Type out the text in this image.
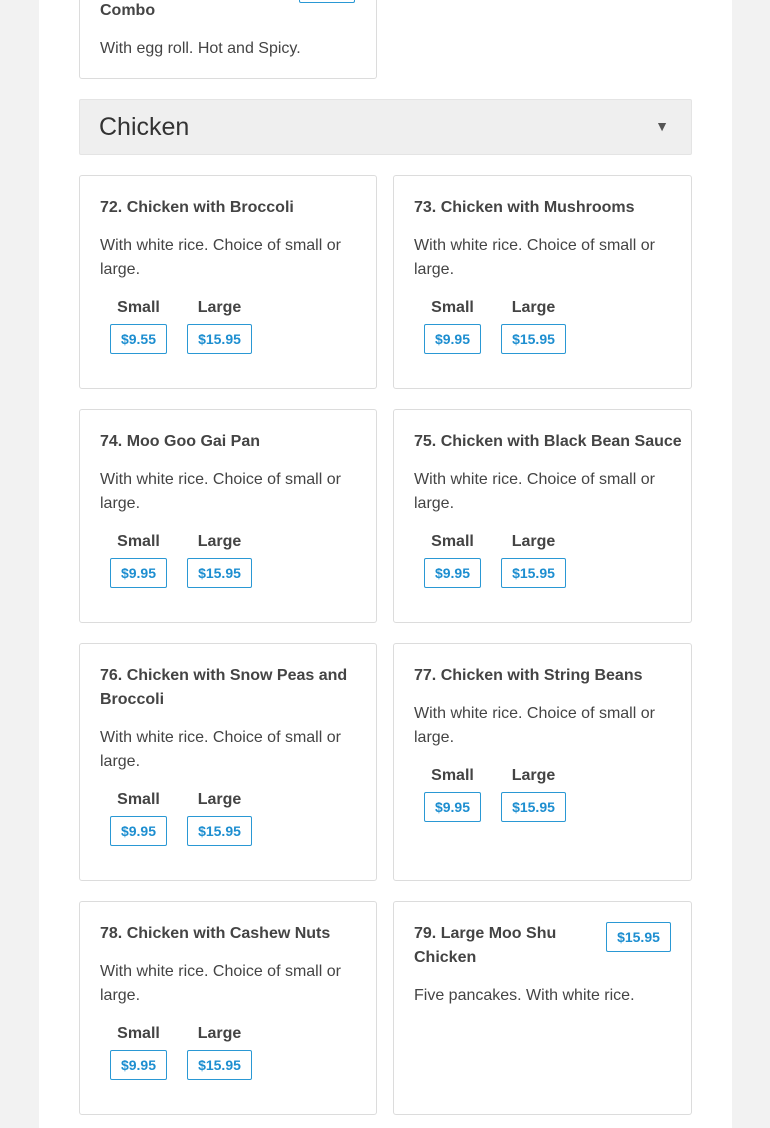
Combo
With egg roll. Hot and Spicy.
Chicken	▼
72. Chicken with Broccoli
With white rice. Choice of small or large.
Small	Large
$9.55	$15.95
73. Chicken with Mushrooms
With white rice. Choice of small or large.
Small	Large
$9.95	$15.95
74. Moo Goo Gai Pan
With white rice. Choice of small or large.
Small	Large
$9.95	$15.95
75. Chicken with Black Bean Sauce
With white rice. Choice of small or large.
Small	Large
$9.95	$15.95
76. Chicken with Snow Peas and Broccoli
With white rice. Choice of small or large.
Small	Large
$9.95	$15.95
77. Chicken with String Beans
With white rice. Choice of small or large.
Small	Large
$9.95	$15.95
78. Chicken with Cashew Nuts
With white rice. Choice of small or large.
Small	Large
$9.95	$15.95
79. Large Moo Shu Chicken
$15.95
Five pancakes. With white rice.
